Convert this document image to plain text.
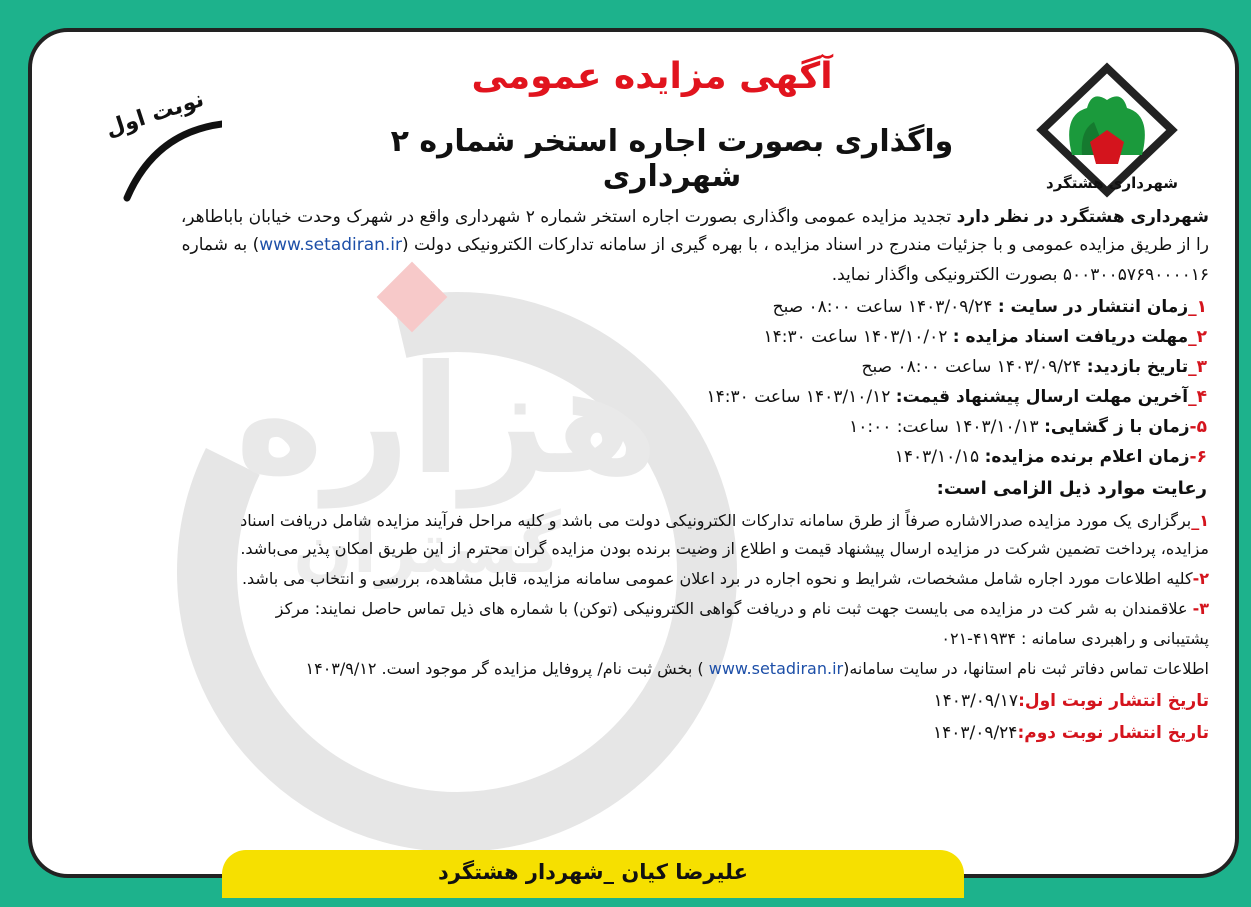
هزاره
گستران
شهرداری هشتگرد
آگهی مزایده عمومی
واگذاری بصورت اجاره استخر شماره ۲ شهرداری
نوبت اول
شهرداری هشتگرد در نظر دارد تجدید مزایده عمومی واگذاری بصورت اجاره استخر شماره ۲ شهرداری واقع در شهرک وحدت خیابان باباطاهر،
را از طریق مزایده عمومی و با جزئیات مندرج در اسناد مزایده ، با بهره گیری از سامانه تدارکات الکترونیکی دولت (www.setadiran.ir) به شماره
۵۰۰۳۰۰۵۷۶۹۰۰۰۰۱۶ بصورت الکترونیکی واگذار نماید.
۱_زمان انتشار در سایت : ۱۴۰۳/۰۹/۲۴ ساعت ۰۸:۰۰ صبح
۲_مهلت دریافت اسناد مزایده : ۱۴۰۳/۱۰/۰۲ ساعت ۱۴:۳۰
۳_تاریخ بازدید: ۱۴۰۳/۰۹/۲۴ ساعت ۰۸:۰۰ صبح
۴_آخرین مهلت ارسال پیشنهاد قیمت: ۱۴۰۳/۱۰/۱۲ ساعت ۱۴:۳۰
۵-زمان با ز گشایی: ۱۴۰۳/۱۰/۱۳ ساعت: ۱۰:۰۰
۶-زمان اعلام برنده مزایده: ۱۴۰۳/۱۰/۱۵
رعایت موارد ذیل الزامی است:
۱_برگزاری یک مورد مزایده صدرالاشاره صرفاً از طرق سامانه تدارکات الکترونیکی دولت می باشد و کلیه مراحل فرآیند مزایده شامل دریافت اسناد
مزایده، پرداخت تضمین شرکت در مزایده ارسال پیشنهاد قیمت و اطلاع از وضیت برنده بودن مزایده گران محترم از این طریق امکان پذیر می‌باشد.
۲-کلیه اطلاعات مورد اجاره شامل مشخصات، شرایط و نحوه اجاره در برد اعلان عمومی سامانه مزایده، قابل مشاهده، بررسی و انتخاب می باشد.
۳- علاقمندان به شر کت در مزایده می بایست جهت ثبت نام و دریافت گواهی الکترونیکی (توکن) با شماره های ذیل تماس حاصل نمایند: مرکز
پشتیبانی و راهبردی سامانه : ۴۱۹۳۴-۰۲۱
اطلاعات تماس دفاتر ثبت نام استانها، در سایت سامانه(www.setadiran.ir ) بخش ثبت نام/ پروفایل مزایده گر موجود است. ۱۴۰۳/۹/۱۲
تاریخ انتشار نوبت اول:۱۴۰۳/۰۹/۱۷
تاریخ انتشار نوبت دوم:۱۴۰۳/۰۹/۲۴
علیرضا کیان _شهردار هشتگرد
